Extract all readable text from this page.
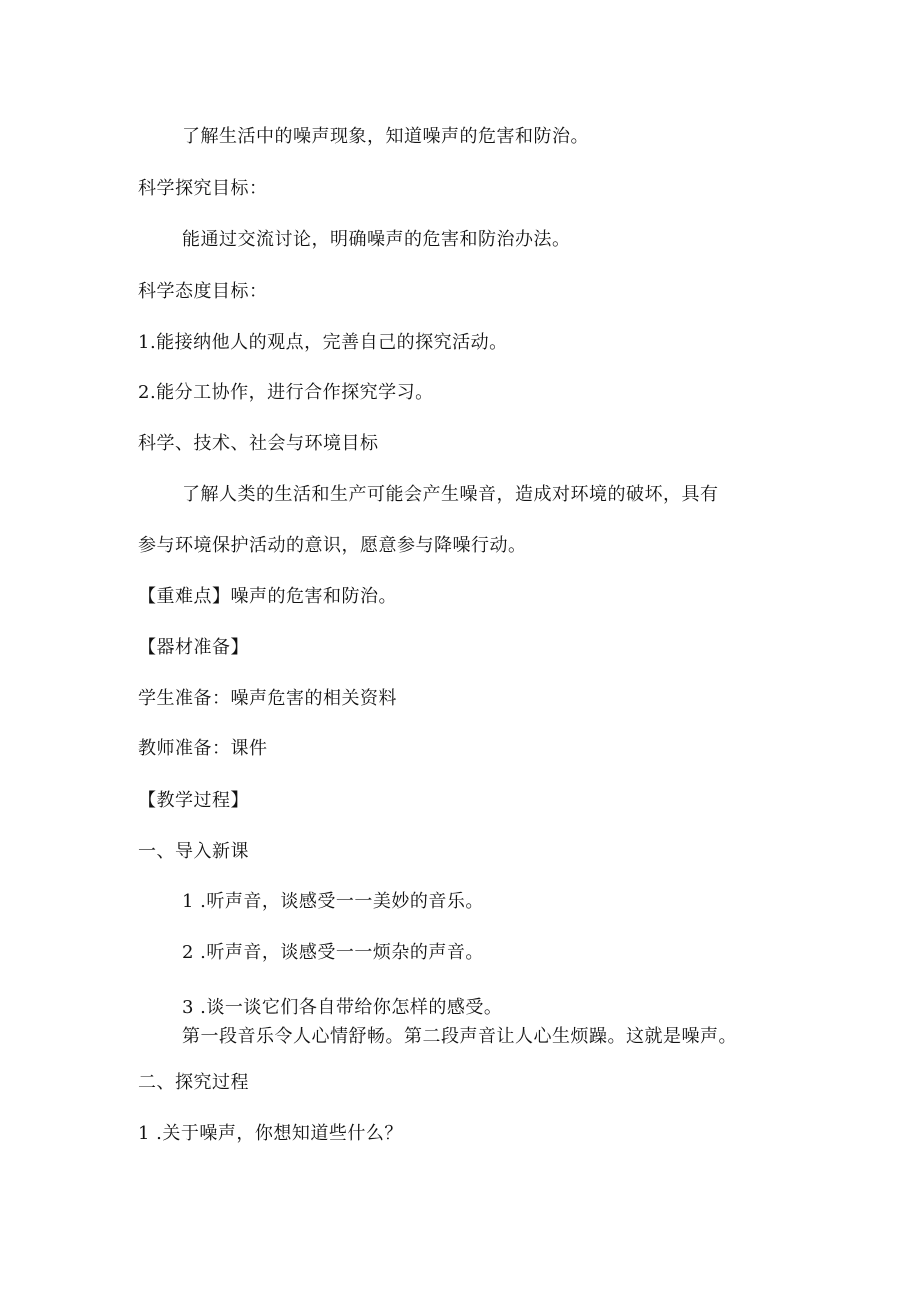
了解生活中的噪声现象，知道噪声的危害和防治。
科学探究目标：
能通过交流讨论，明确噪声的危害和防治办法。
科学态度目标：
1.能接纳他人的观点，完善自己的探究活动。
2.能分工协作，进行合作探究学习。
科学、技术、社会与环境目标
了解人类的生活和生产可能会产生噪音，造成对环境的破坏，具有
参与环境保护活动的意识，愿意参与降噪行动。
【重难点】噪声的危害和防治。
【器材准备】
学生准备：噪声危害的相关资料
教师准备：课件
【教学过程】
一、导入新课
1 .听声音，谈感受一一美妙的音乐。
2 .听声音，谈感受一一烦杂的声音。
3 .谈一谈它们各自带给你怎样的感受。
第一段音乐令人心情舒畅。第二段声音让人心生烦躁。这就是噪声。
二、探究过程
1 .关于噪声，你想知道些什么？
